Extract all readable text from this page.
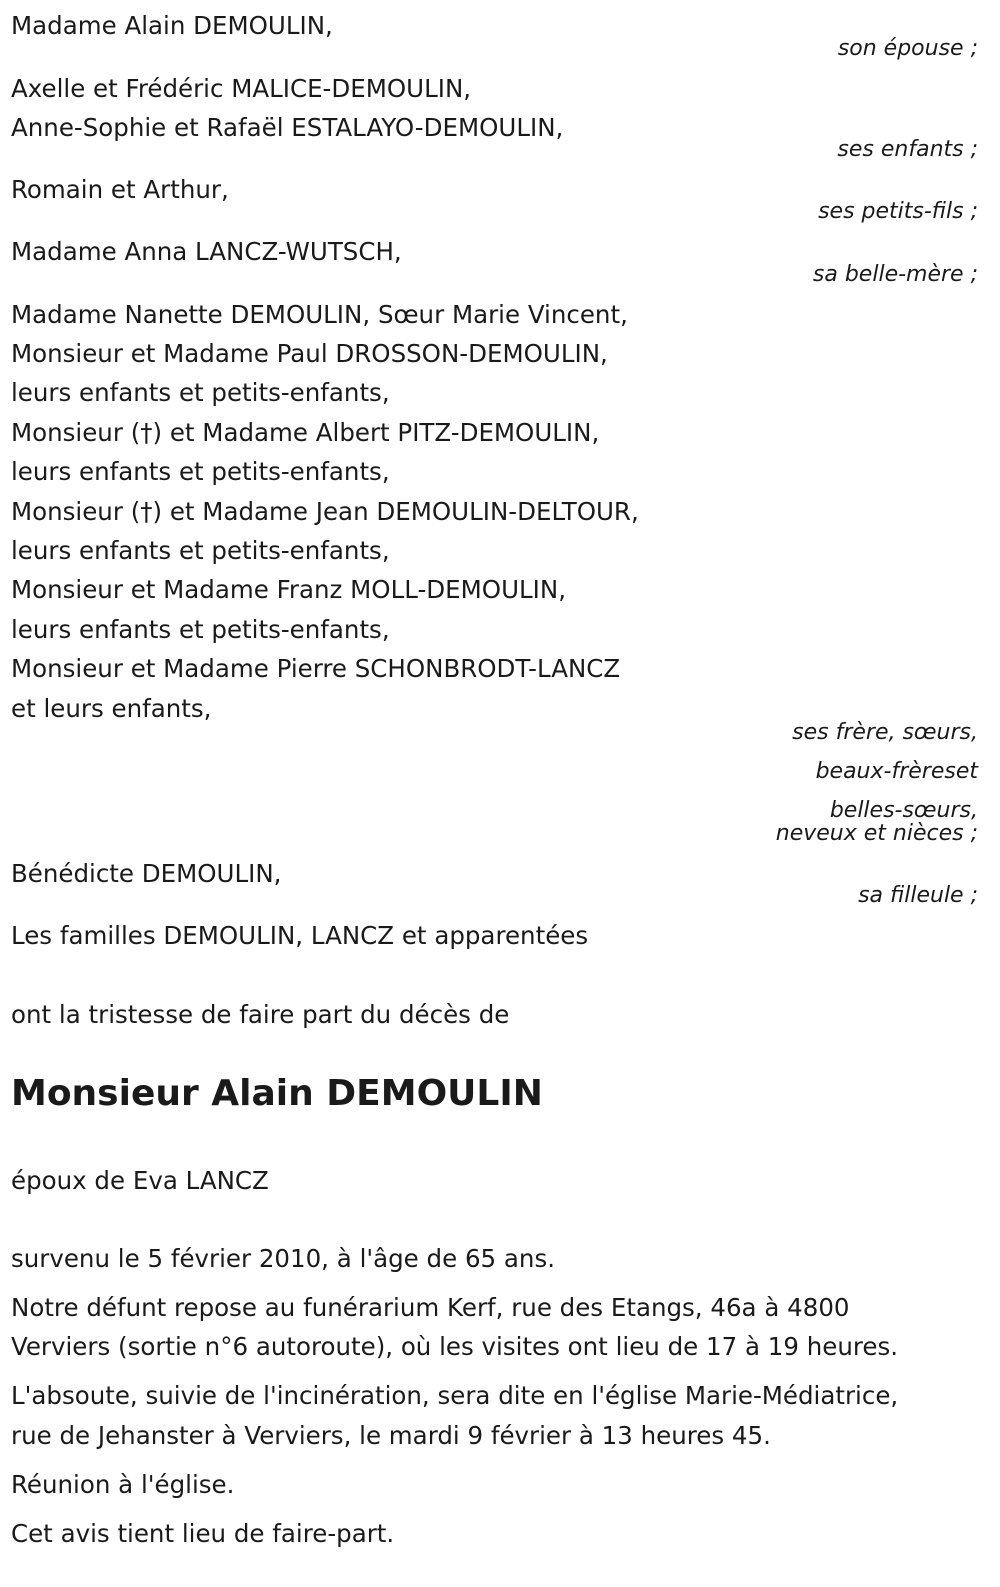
Madame Alain DEMOULIN,
son épouse ;
Axelle et Frédéric MALICE-DEMOULIN,
Anne-Sophie et Rafaël ESTALAYO-DEMOULIN,
ses enfants ;
Romain et Arthur,
ses petits-fils ;
Madame Anna LANCZ-WUTSCH,
sa belle-mère ;
Madame Nanette DEMOULIN, Sœur Marie Vincent,
Monsieur et Madame Paul DROSSON-DEMOULIN,
leurs enfants et petits-enfants,
Monsieur (†) et Madame Albert PITZ-DEMOULIN,
leurs enfants et petits-enfants,
Monsieur (†) et Madame Jean DEMOULIN-DELTOUR,
leurs enfants et petits-enfants,
Monsieur et Madame Franz MOLL-DEMOULIN,
leurs enfants et petits-enfants,
Monsieur et Madame Pierre SCHONBRODT-LANCZ
et leurs enfants,
ses frère, sœurs,
beaux-frèreset
belles-sœurs,
neveux et nièces ;
Bénédicte DEMOULIN,
sa filleule ;
Les familles DEMOULIN, LANCZ et apparentées
ont la tristesse de faire part du décès de
Monsieur Alain DEMOULIN
époux de Eva LANCZ
survenu le 5 février 2010, à l'âge de 65 ans.
Notre défunt repose au funérarium Kerf, rue des Etangs, 46a à 4800
Verviers (sortie n°6 autoroute), où les visites ont lieu de 17 à 19 heures.
L'absoute, suivie de l'incinération, sera dite en l'église Marie-Médiatrice,
rue de Jehanster à Verviers, le mardi 9 février à 13 heures 45.
Réunion à l'église.
Cet avis tient lieu de faire-part.
